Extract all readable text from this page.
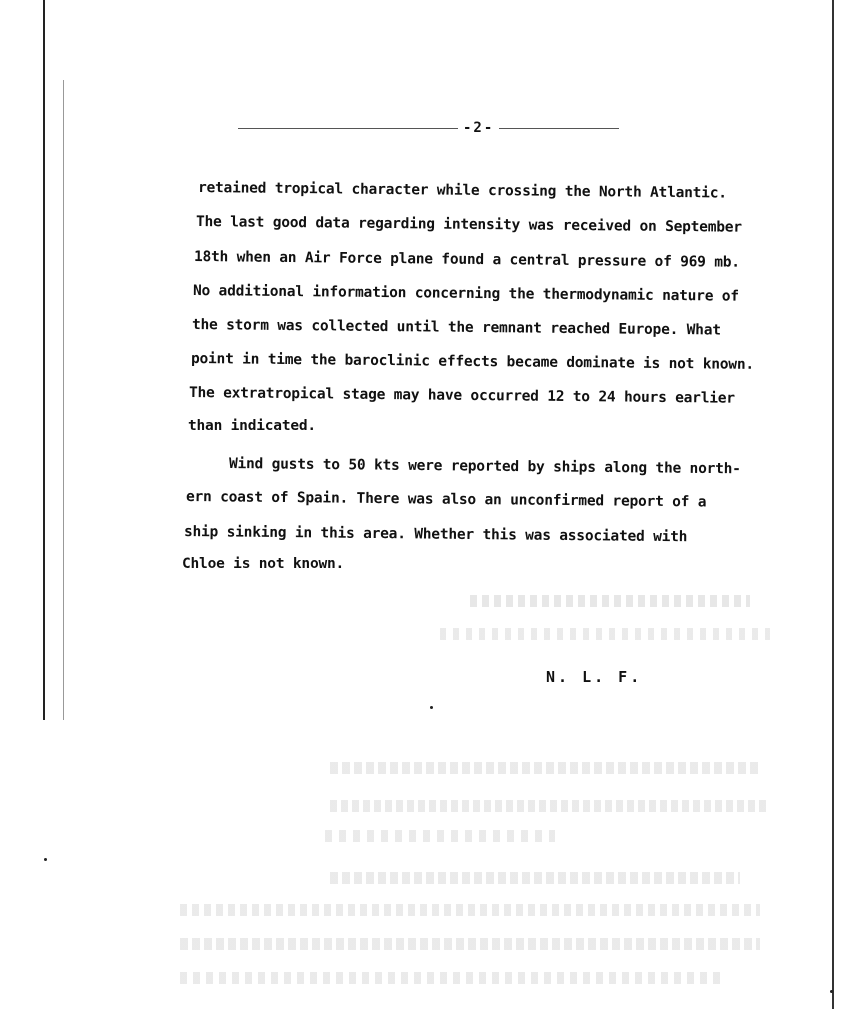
-2-
retained tropical character while crossing the North Atlantic.
The last good data regarding intensity was received on September
18th when an Air Force plane found a central pressure of 969 mb.
No additional information concerning the thermodynamic nature of
the storm was collected until the remnant reached Europe. What
point in time the baroclinic effects became dominate is not known.
The extratropical stage may have occurred 12 to 24 hours earlier
than indicated.
Wind gusts to 50 kts were reported by ships along the north-
ern coast of Spain. There was also an unconfirmed report of a
ship sinking in this area. Whether this was associated with
Chloe is not known.
N. L. F.
